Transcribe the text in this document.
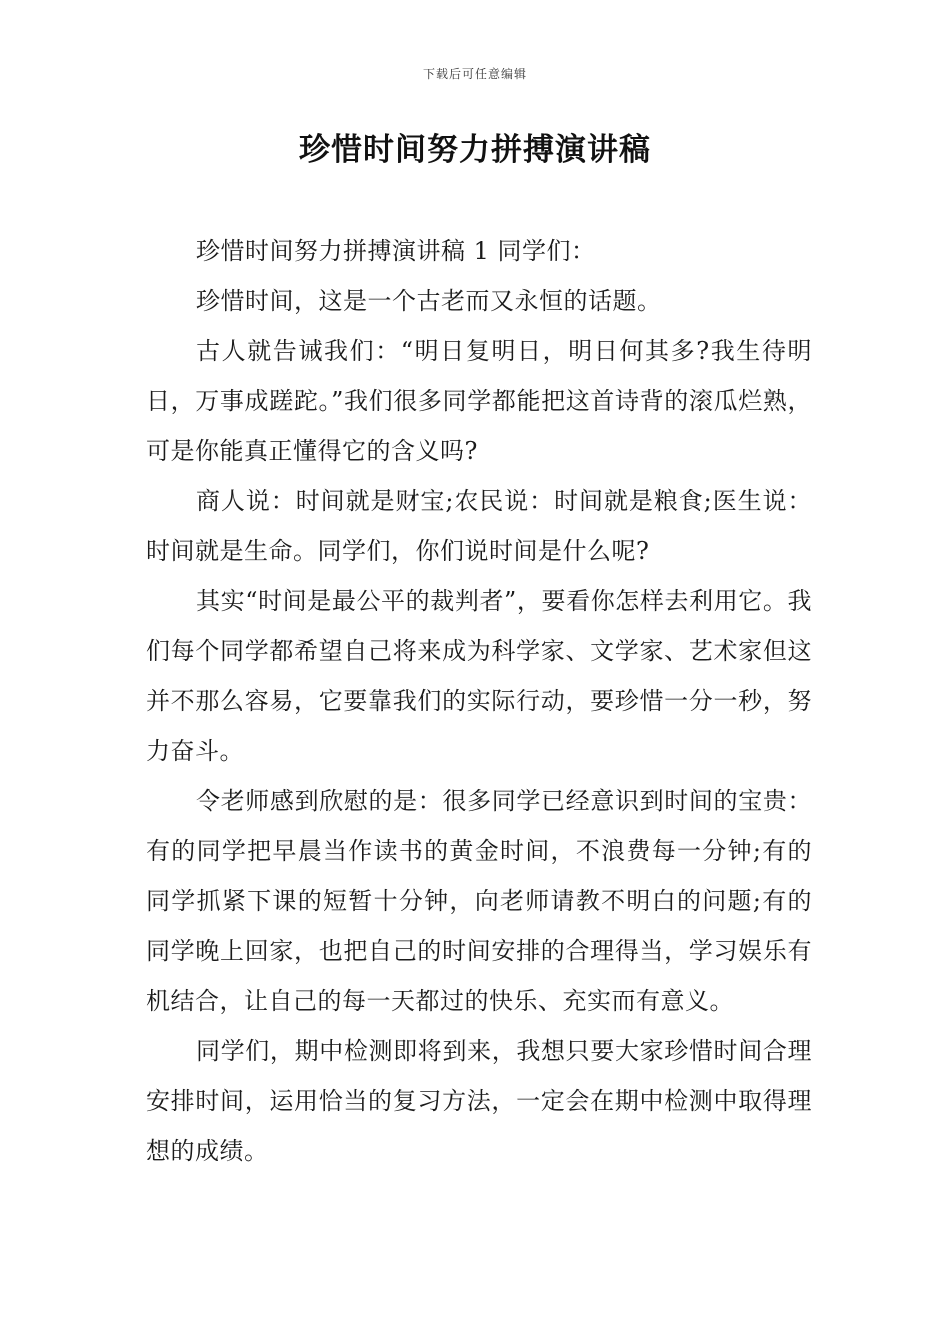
下载后可任意编辑
珍惜时间努力拼搏演讲稿

珍惜时间努力拼搏演讲稿 1 同学们：

珍惜时间，这是一个古老而又永恒的话题。

古人就告诫我们：“明日复明日，明日何其多?我生待明日，万事成蹉跎。”我们很多同学都能把这首诗背的滚瓜烂熟，可是你能真正懂得它的含义吗?

商人说：时间就是财宝;农民说：时间就是粮食;医生说：时间就是生命。同学们，你们说时间是什么呢?

其实“时间是最公平的裁判者”，要看你怎样去利用它。我们每个同学都希望自己将来成为科学家、文学家、艺术家但这并不那么容易，它要靠我们的实际行动，要珍惜一分一秒，努力奋斗。

令老师感到欣慰的是：很多同学已经意识到时间的宝贵：有的同学把早晨当作读书的黄金时间，不浪费每一分钟;有的同学抓紧下课的短暂十分钟，向老师请教不明白的问题;有的同学晚上回家，也把自己的时间安排的合理得当，学习娱乐有机结合，让自己的每一天都过的快乐、充实而有意义。

同学们，期中检测即将到来，我想只要大家珍惜时间合理安排时间，运用恰当的复习方法，一定会在期中检测中取得理想的成绩。
